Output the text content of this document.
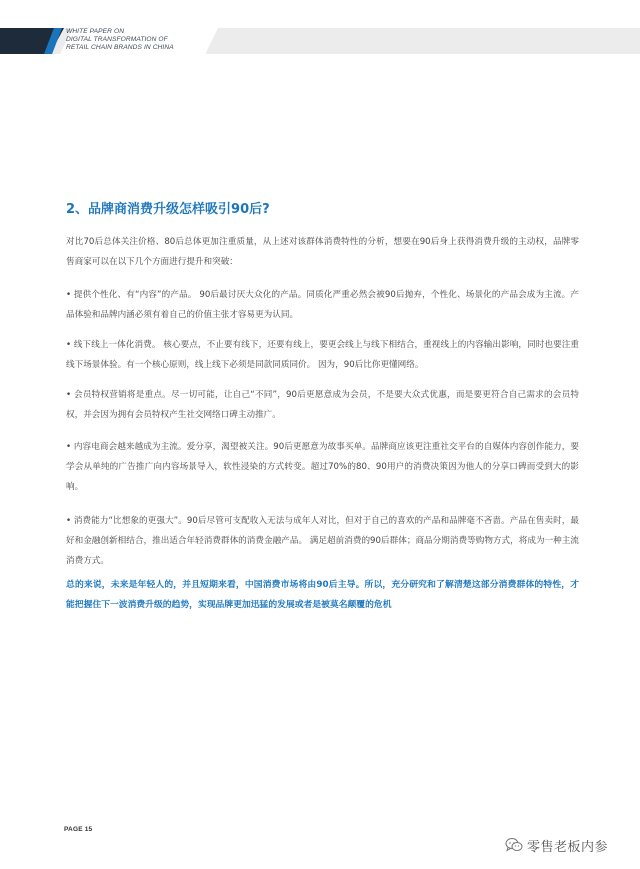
WHITE PAPER ON
DIGITAL TRANSFORMATION OF
RETAIL CHAIN BRANDS IN CHINA
2、品牌商消费升级怎样吸引90后?
对比70后总体关注价格、80后总体更加注重质量，从上述对该群体消费特性的分析，想要在90后身上获得消费升级的主动权，品牌零售商家可以在以下几个方面进行提升和突破：
• 提供个性化、有“内容”的产品。 90后最讨厌大众化的产品。同质化严重必然会被90后抛弃，个性化、场景化的产品会成为主流。产品体验和品牌内涵必须有着自己的价值主张才容易更为认同。
• 线下线上一体化消费。 核心要点，不止要有线下，还要有线上，要更会线上与线下相结合，重视线上的内容输出影响，同时也要注重线下场景体验。有一个核心原则，线上线下必须是同款同质同价。 因为，90后比你更懂网络。
• 会员特权营销将是重点。尽一切可能，让自己“不同”，90后更愿意成为会员，不是要大众式优惠，而是要更符合自己需求的会员特权，并会因为拥有会员特权产生社交网络口碑主动推广。
• 内容电商会越来越成为主流。爱分享，渴望被关注。90后更愿意为故事买单。品牌商应该更注重社交平台的自媒体内容创作能力，要学会从单纯的广告推广向内容场景导入，软性浸染的方式转变。超过70%的80、90用户的消费决策因为他人的分享口碑而受到大的影响。
• 消费能力“比想象的更强大”。90后尽管可支配收入无法与成年人对比，但对于自己的喜欢的产品和品牌毫不吝啬。产品在售卖时，最好和金融创新相结合，推出适合年轻消费群体的消费金融产品。 满足超前消费的90后群体；商品分期消费等购物方式，将成为一种主流消费方式。
总的来说，未来是年轻人的，并且短期来看，中国消费市场将由90后主导。所以，充分研究和了解清楚这部分消费群体的特性，才能把握住下一波消费升级的趋势，实现品牌更加迅猛的发展或者是被莫名颠覆的危机
PAGE 15
零售老板内参
